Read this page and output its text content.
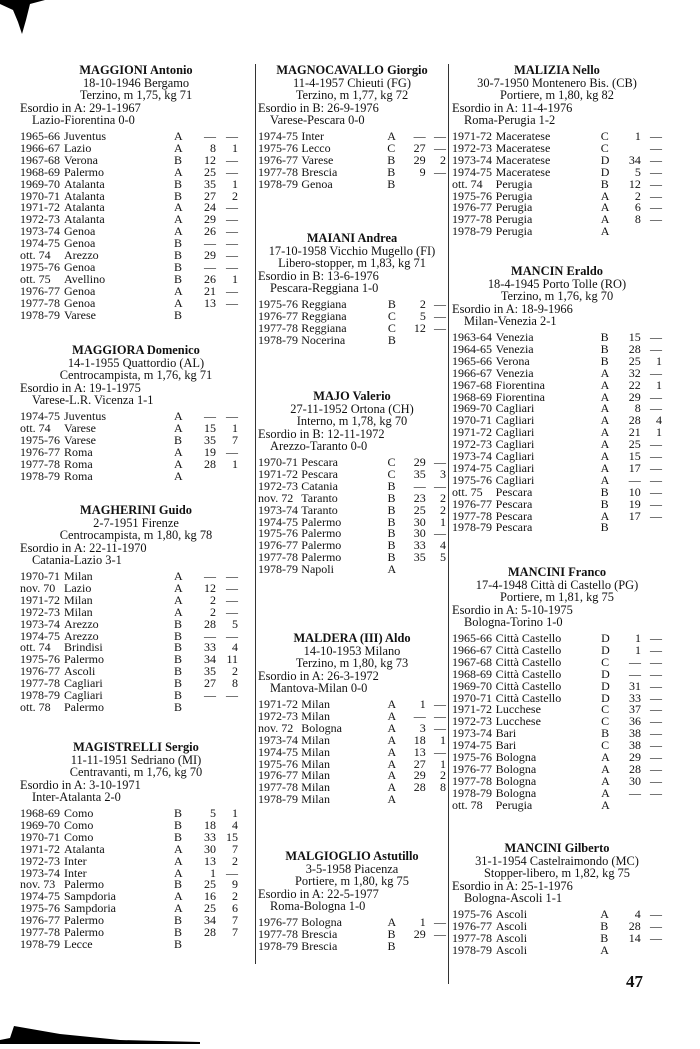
MAGGIONI Antonio
18-10-1946 Bergamo
Terzino, m 1,75, kg 71
Esordio in A: 29-1-1967
Lazio-Fiorentina 0-0
1965-66	Juventus	A	—	—
1966-67	Lazio	A	8	1
1967-68	Verona	B	12	—
1968-69	Palermo	A	25	—
1969-70	Atalanta	B	35	1
1970-71	Atalanta	B	27	2
1971-72	Atalanta	A	24	—
1972-73	Atalanta	A	29	—
1973-74	Genoa	A	26	—
1974-75	Genoa	B	—	—
ott. 74	Arezzo	B	29	—
1975-76	Genoa	B	—	—
ott. 75	Avellino	B	26	1
1976-77	Genoa	A	21	—
1977-78	Genoa	A	13	—
1978-79	Varese	B		
MAGGIORA Domenico
14-1-1955 Quattordio (AL)
Centrocampista, m 1,76, kg 71
Esordio in A: 19-1-1975
Varese-L.R. Vicenza 1-1
1974-75	Juventus	A	—	—
ott. 74	Varese	A	15	1
1975-76	Varese	B	35	7
1976-77	Roma	A	19	—
1977-78	Roma	A	28	1
1978-79	Roma	A		
MAGHERINI Guido
2-7-1951 Firenze
Centrocampista, m 1,80, kg 78
Esordio in A: 22-11-1970
Catania-Lazio 3-1
1970-71	Milan	A	—	—
nov. 70	Lazio	A	12	—
1971-72	Milan	A	2	—
1972-73	Milan	A	2	—
1973-74	Arezzo	B	28	5
1974-75	Arezzo	B	—	—
ott. 74	Brindisi	B	33	4
1975-76	Palermo	B	34	11
1976-77	Ascoli	B	35	2
1977-78	Cagliari	B	27	8
1978-79	Cagliari	B	—	—
ott. 78	Palermo	B		
MAGISTRELLI Sergio
11-11-1951 Sedriano (MI)
Centravanti, m 1,76, kg 70
Esordio in A: 3-10-1971
Inter-Atalanta 2-0
1968-69	Como	B	5	1
1969-70	Como	B	18	4
1970-71	Como	B	33	15
1971-72	Atalanta	A	30	7
1972-73	Inter	A	13	2
1973-74	Inter	A	1	—
nov. 73	Palermo	B	25	9
1974-75	Sampdoria	A	16	2
1975-76	Sampdoria	A	25	6
1976-77	Palermo	B	34	7
1977-78	Palermo	B	28	7
1978-79	Lecce	B		
MAGNOCAVALLO Giorgio
11-4-1957 Chieuti (FG)
Terzino, m 1,77, kg 72
Esordio in B: 26-9-1976
Varese-Pescara 0-0
1974-75	Inter	A	—	—
1975-76	Lecco	C	27	—
1976-77	Varese	B	29	2
1977-78	Brescia	B	9	—
1978-79	Genoa	B		
MAIANI Andrea
17-10-1958 Vicchio Mugello (FI)
Libero-stopper, m 1,83, kg 71
Esordio in B: 13-6-1976
Pescara-Reggiana 1-0
1975-76	Reggiana	B	2	—
1976-77	Reggiana	C	5	—
1977-78	Reggiana	C	12	—
1978-79	Nocerina	B		
MAJO Valerio
27-11-1952 Ortona (CH)
Interno, m 1,78, kg 70
Esordio in B: 12-11-1972
Arezzo-Taranto 0-0
1970-71	Pescara	C	29	—
1971-72	Pescara	C	35	3
1972-73	Catania	B	—	—
nov. 72	Taranto	B	23	2
1973-74	Taranto	B	25	2
1974-75	Palermo	B	30	1
1975-76	Palermo	B	30	—
1976-77	Palermo	B	33	4
1977-78	Palermo	B	35	5
1978-79	Napoli	A		
MALDERA (III) Aldo
14-10-1953 Milano
Terzino, m 1,80, kg 73
Esordio in A: 26-3-1972
Mantova-Milan 0-0
1971-72	Milan	A	1	—
1972-73	Milan	A	—	—
nov. 72	Bologna	A	3	—
1973-74	Milan	A	18	1
1974-75	Milan	A	13	—
1975-76	Milan	A	27	1
1976-77	Milan	A	29	2
1977-78	Milan	A	28	8
1978-79	Milan	A		
MALGIOGLIO Astutillo
3-5-1958 Piacenza
Portiere, m 1,80, kg 75
Esordio in A: 22-5-1977
Roma-Bologna 1-0
1976-77	Bologna	A	1	—
1977-78	Brescia	B	29	—
1978-79	Brescia	B		
MALIZIA Nello
30-7-1950 Montenero Bis. (CB)
Portiere, m 1,80, kg 82
Esordio in A: 11-4-1976
Roma-Perugia 1-2
1971-72	Maceratese	C	1	—
1972-73	Maceratese	C		—
1973-74	Maceratese	D	34	—
1974-75	Maceratese	D	5	—
ott. 74	Perugia	B	12	—
1975-76	Perugia	A	2	—
1976-77	Perugia	A	6	—
1977-78	Perugia	A	8	—
1978-79	Perugia	A		
MANCIN Eraldo
18-4-1945 Porto Tolle (RO)
Terzino, m 1,76, kg 70
Esordio in A: 18-9-1966
Milan-Venezia 2-1
1963-64	Venezia	B	15	—
1964-65	Venezia	B	28	—
1965-66	Verona	B	25	1
1966-67	Venezia	A	32	—
1967-68	Fiorentina	A	22	1
1968-69	Fiorentina	A	29	—
1969-70	Cagliari	A	8	—
1970-71	Cagliari	A	28	4
1971-72	Cagliari	A	21	1
1972-73	Cagliari	A	25	—
1973-74	Cagliari	A	15	—
1974-75	Cagliari	A	17	—
1975-76	Cagliari	A	—	—
ott. 75	Pescara	B	10	—
1976-77	Pescara	B	19	—
1977-78	Pescara	A	17	—
1978-79	Pescara	B		
MANCINI Franco
17-4-1948 Città di Castello (PG)
Portiere, m 1,81, kg 75
Esordio in A: 5-10-1975
Bologna-Torino 1-0
1965-66	Città Castello	D	1	—
1966-67	Città Castello	D	1	—
1967-68	Città Castello	C	—	—
1968-69	Città Castello	D	—	—
1969-70	Città Castello	D	31	—
1970-71	Città Castello	D	33	—
1971-72	Lucchese	C	37	—
1972-73	Lucchese	C	36	—
1973-74	Bari	B	38	—
1974-75	Bari	C	38	—
1975-76	Bologna	A	29	—
1976-77	Bologna	A	28	—
1977-78	Bologna	A	30	—
1978-79	Bologna	A	—	—
ott. 78	Perugia	A		
MANCINI Gilberto
31-1-1954 Castelraimondo (MC)
Stopper-libero, m 1,82, kg 75
Esordio in A: 25-1-1976
Bologna-Ascoli 1-1
1975-76	Ascoli	A	4	—
1976-77	Ascoli	B	28	—
1977-78	Ascoli	B	14	—
1978-79	Ascoli	A		
47
